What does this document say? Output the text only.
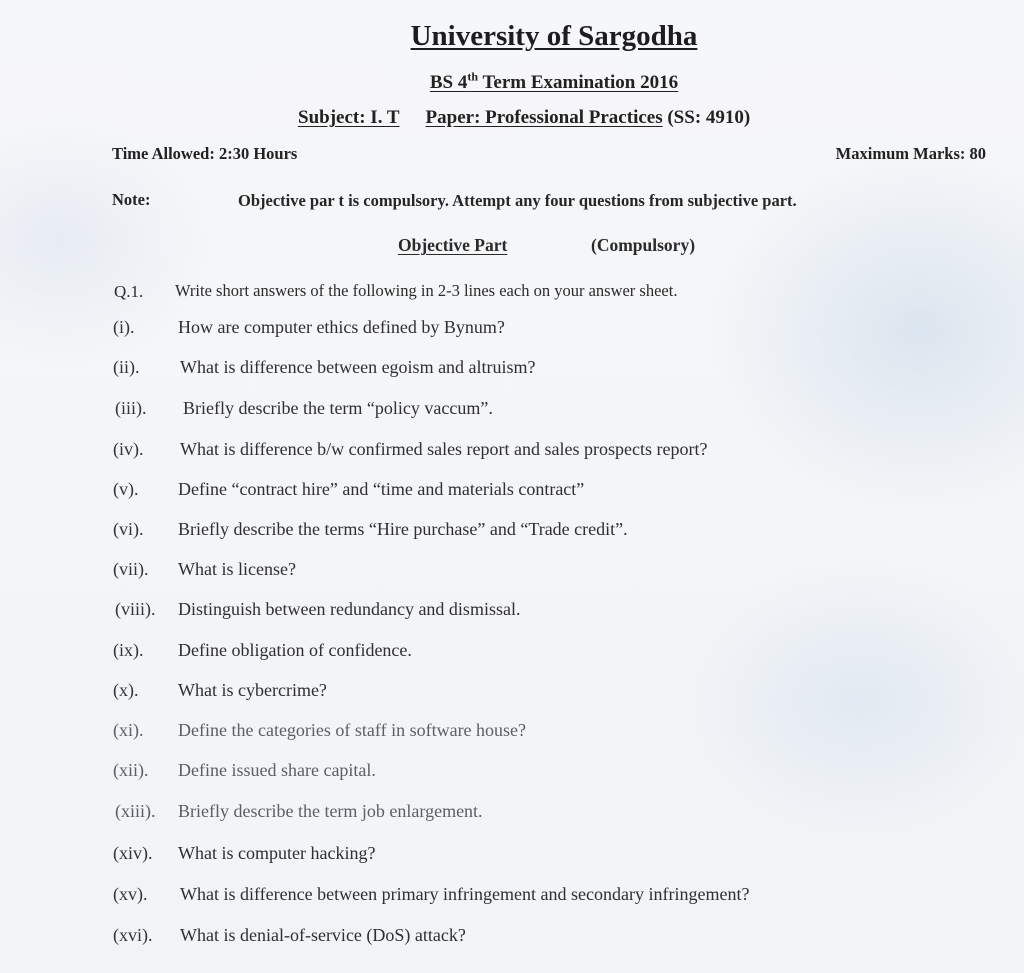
University of Sargodha
BS 4th Term Examination 2016
Subject: I. T Paper: Professional Practices (SS: 4910)
Time Allowed: 2:30 Hours	Maximum Marks: 80
Note:	Objective par t is compulsory. Attempt any four questions from subjective part.
Objective Part	(Compulsory)
Q.1. Write short answers of the following in 2-3 lines each on your answer sheet.
(i). How are computer ethics defined by Bynum?
(ii). What is difference between egoism and altruism?
(iii). Briefly describe the term “policy vaccum”.
(iv). What is difference b/w confirmed sales report and sales prospects report?
(v). Define “contract hire” and “time and materials contract”
(vi). Briefly describe the terms “Hire purchase” and “Trade credit”.
(vii). What is license?
(viii). Distinguish between redundancy and dismissal.
(ix). Define obligation of confidence.
(x). What is cybercrime?
(xi). Define the categories of staff in software house?
(xii). Define issued share capital.
(xiii). Briefly describe the term job enlargement.
(xiv). What is computer hacking?
(xv). What is difference between primary infringement and secondary infringement?
(xvi). What is denial-of-service (DoS) attack?
